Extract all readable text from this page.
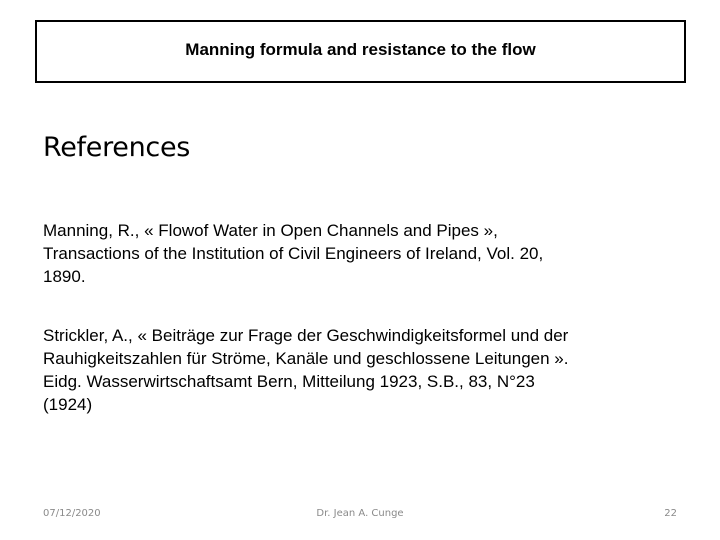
Manning formula and resistance to the flow
References

Manning, R., « Flowof Water in Open Channels and Pipes »,
Transactions of the Institution of Civil Engineers of Ireland, Vol. 20,
1890.

Strickler, A., « Beiträge zur Frage der Geschwindigkeitsformel und der
Rauhigkeitszahlen für Ströme, Kanäle und geschlossene Leitungen ».
Eidg. Wasserwirtschaftsamt Bern, Mitteilung 1923, S.B., 83, N°23
(1924)

07/12/2020	Dr. Jean A. Cunge	22
